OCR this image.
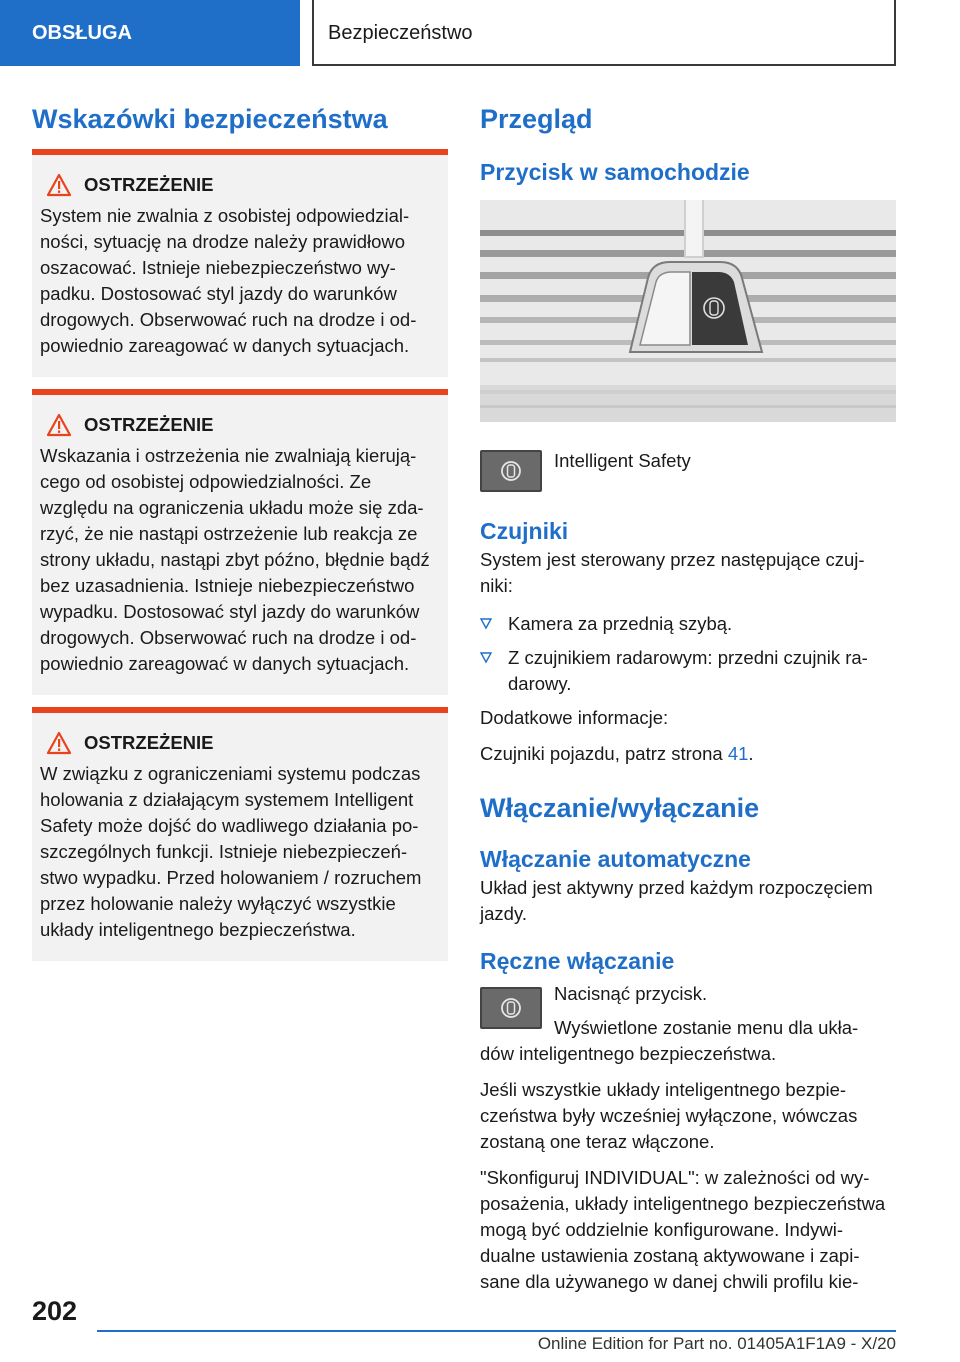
OBSŁUGA	Bezpieczeństwo
Wskazówki bezpieczeństwa
OSTRZEŻENIE

System nie zwalnia z osobistej odpowiedzial-

ności, sytuację na drodze należy prawidłowo

oszacować. Istnieje niebezpieczeństwo wy-

padku. Dostosować styl jazdy do warunków

drogowych. Obserwować ruch na drodze i od-

powiednio zareagować w danych sytuacjach.

OSTRZEŻENIE

Wskazania i ostrzeżenia nie zwalniają kierują-

cego od osobistej odpowiedzialności. Ze

względu na ograniczenia układu może się zda-

rzyć, że nie nastąpi ostrzeżenie lub reakcja ze

strony układu, nastąpi zbyt późno, błędnie bądź

bez uzasadnienia. Istnieje niebezpieczeństwo

wypadku. Dostosować styl jazdy do warunków

drogowych. Obserwować ruch na drodze i od-

powiednio zareagować w danych sytuacjach.

OSTRZEŻENIE

W związku z ograniczeniami systemu podczas

holowania z działającym systemem Intelligent

Safety może dojść do wadliwego działania po-

szczególnych funkcji. Istnieje niebezpieczeń-

stwo wypadku. Przed holowaniem / rozruchem

przez holowanie należy wyłączyć wszystkie

układy inteligentnego bezpieczeństwa.

Przegląd
Przycisk w samochodzie

Intelligent Safety

Czujniki

System jest sterowany przez następujące czuj-

niki:

Kamera za przednią szybą.
Z czujnikiem radarowym: przedni czujnik ra-
darowy.

Dodatkowe informacje:

Czujniki pojazdu, patrz strona 41.

Włączanie/wyłączanie
Włączanie automatyczne

Układ jest aktywny przed każdym rozpoczęciem

jazdy.

Ręczne włączanie

Nacisnąć przycisk.

Wyświetlone zostanie menu dla ukła-

dów inteligentnego bezpieczeństwa.

Jeśli wszystkie układy inteligentnego bezpie-

czeństwa były wcześniej wyłączone, wówczas

zostaną one teraz włączone.

"Skonfiguruj INDIVIDUAL": w zależności od wy-

posażenia, układy inteligentnego bezpieczeństwa

mogą być oddzielnie konfigurowane. Indywi-

dualne ustawienia zostaną aktywowane i zapi-

sane dla używanego w danej chwili profilu kie-

202
Online Edition for Part no. 01405A1F1A9 - X/20
